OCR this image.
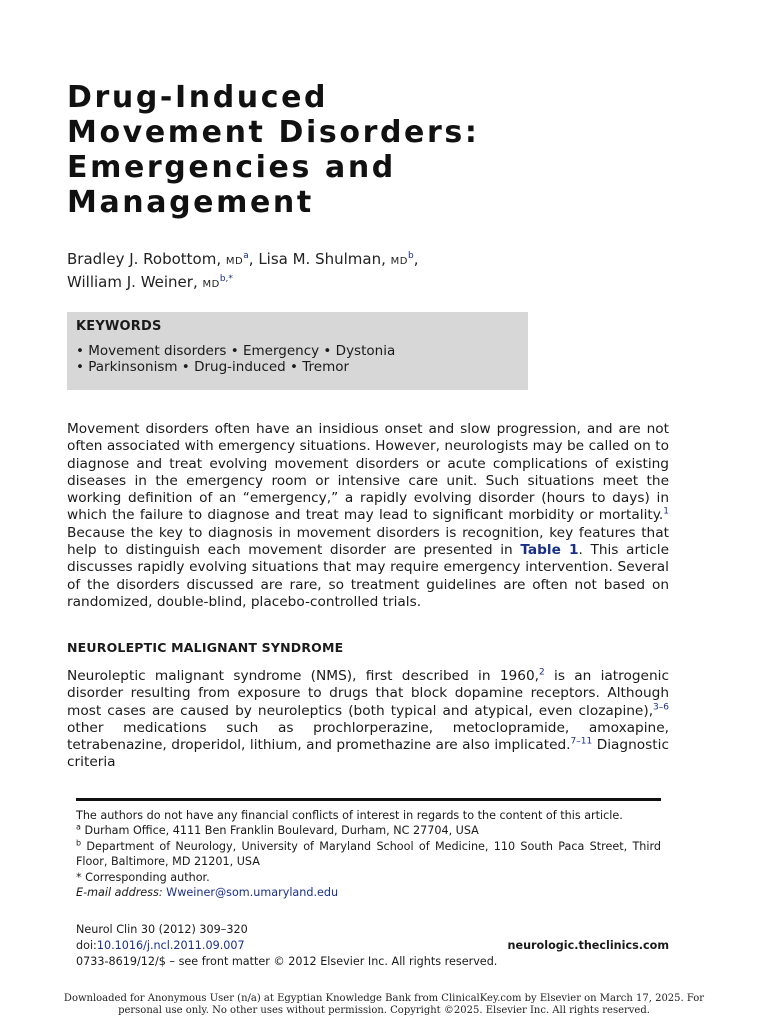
Drug-Induced
Movement Disorders:
Emergencies and
Management
Bradley J. Robottom, $MD^a$, Lisa M. Shulman, $MD^b$,
William J. Weiner, $MD^{b,*}$
KEYWORDS
• Movement disorders • Emergency • Dystonia
• Parkinsonism • Drug-induced • Tremor

Movement disorders often have an insidious onset and slow progression, and are not often associated with emergency situations. However, neurologists may be called on to diagnose and treat evolving movement disorders or acute complications of existing diseases in the emergency room or intensive care unit. Such situations meet the working definition of an “emergency,” a rapidly evolving disorder (hours to days) in which the failure to diagnose and treat may lead to significant morbidity or mortality.$^1$ Because the key to diagnosis in movement disorders is recognition, key features that help to distinguish each movement disorder are presented in Table 1. This article discusses rapidly evolving situations that may require emergency intervention. Several of the disorders discussed are rare, so treatment guidelines are often not based on randomized, double-blind, placebo-controlled trials.

NEUROLEPTIC MALIGNANT SYNDROME

Neuroleptic malignant syndrome (NMS), first described in 1960,$^2$ is an iatrogenic disorder resulting from exposure to drugs that block dopamine receptors. Although most cases are caused by neuroleptics (both typical and atypical, even clozapine),$^{3-6}$ other medications such as prochlorperazine, metoclopramide, amoxapine, tetrabenazine, droperidol, lithium, and promethazine are also implicated.$^{7-11}$ Diagnostic criteria

The authors do not have any financial conflicts of interest in regards to the content of this article.
$^a$ Durham Office, 4111 Ben Franklin Boulevard, Durham, NC 27704, USA
$^b$ Department of Neurology, University of Maryland School of Medicine, 110 South Paca Street, Third Floor, Baltimore, MD 21201, USA
* Corresponding author.
E-mail address: Wweiner@som.umaryland.edu
Neurol Clin 30 (2012) 309–320
doi:10.1016/j.ncl.2011.09.007	neurologic.theclinics.com
0733-8619/12/$ – see front matter © 2012 Elsevier Inc. All rights reserved.
Downloaded for Anonymous User (n/a) at Egyptian Knowledge Bank from ClinicalKey.com by Elsevier on March 17, 2025. For personal use only. No other uses without permission. Copyright ©2025. Elsevier Inc. All rights reserved.
